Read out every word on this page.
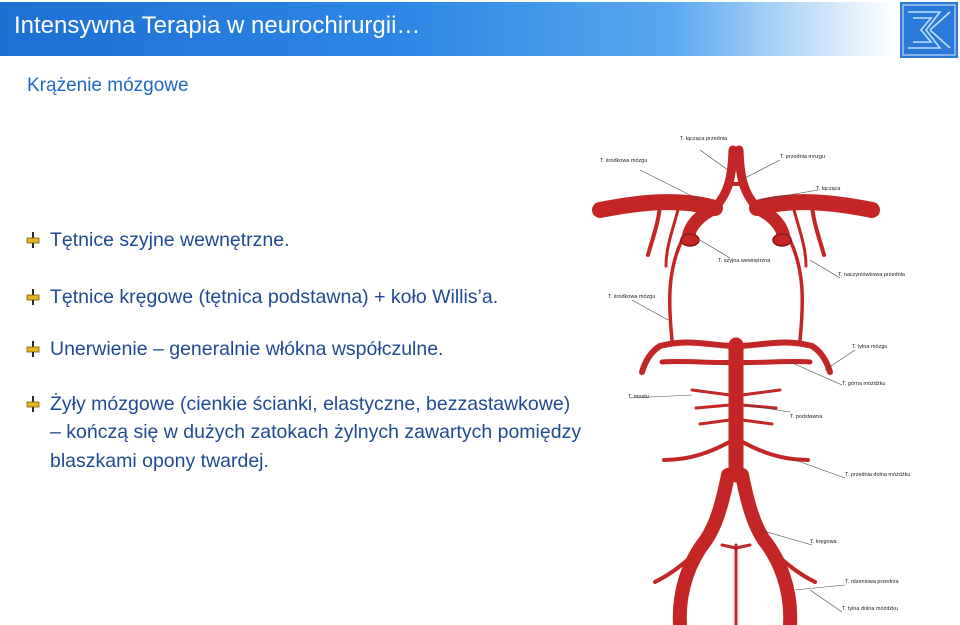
Intensywna Terapia w neurochirurgii…
Krążenie mózgowe
Tętnice szyjne wewnętrzne.
Tętnice kręgowe (tętnica podstawna) + koło Willis’a.
Unerwienie – generalnie włókna współczulne.
Żyły mózgowe (cienkie ścianki, elastyczne, bezzastawkowe) – kończą się w dużych zatokach żylnych zawartych pomiędzy blaszkami opony twardej.
T. łącząca przednia
T. przednia mózgu
T. środkowa mózgu
T. łącząca
T. szyjna wewnętrzna
T. naczyniówkowa przednia
T. środkowa mózgu
T. tylna mózgu
T. górna móżdżku
T. mostu
T. podstawna
T. przednia dolna móżdżku
T. kręgowa
T. rdzeniowa przednia
T. tylna dolna móżdżku
